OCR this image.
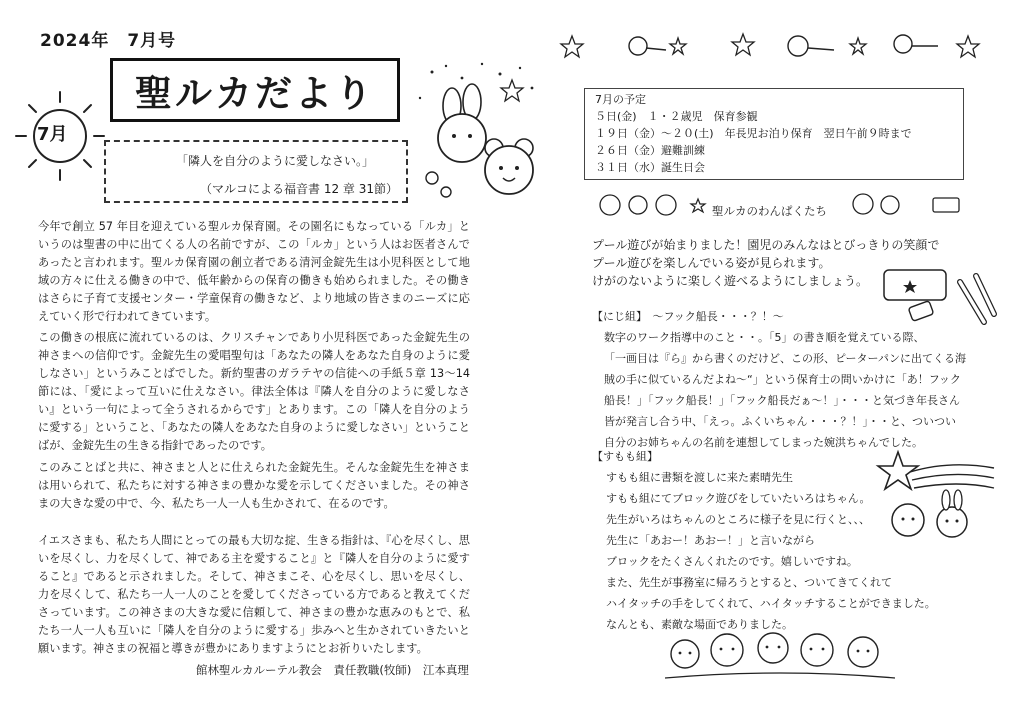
2024年　7月号
聖ルカだより
7月
「隣人を自分のように愛しなさい。」
（マルコによる福音書 12 章 31節）
今年で創立 57 年目を迎えている聖ルカ保育園。その園名にもなっている「ルカ」というのは聖書の中に出てくる人の名前ですが、この「ルカ」という人はお医者さんであったと言われます。聖ルカ保育園の創立者である清河金錠先生は小児科医として地域の方々に仕える働きの中で、低年齢からの保育の働きも始められました。その働きはさらに子育て支援センター・学童保育の働きなど、より地域の皆さまのニーズに応えていく形で行われてきています。
この働きの根底に流れているのは、クリスチャンであり小児科医であった金錠先生の神さまへの信仰です。金錠先生の愛唱聖句は「あなたの隣人をあなた自身のように愛しなさい」というみことばでした。新約聖書のガラテヤの信徒への手紙５章 13～14節には、「愛によって互いに仕えなさい。律法全体は『隣人を自分のように愛しなさい』という一句によって全うされるからです」とあります。この「隣人を自分のように愛する」ということ、「あなたの隣人をあなた自身のように愛しなさい」ということばが、金錠先生の生きる指針であったのです。
このみことばと共に、神さまと人とに仕えられた金錠先生。そんな金錠先生を神さまは用いられて、私たちに対する神さまの豊かな愛を示してくださいました。その神さまの大きな愛の中で、今、私たち一人一人も生かされて、在るのです。
イエスさまも、私たち人間にとっての最も大切な掟、生きる指針は、『心を尽くし、思いを尽くし、力を尽くして、神である主を愛すること』と『隣人を自分のように愛すること』であると示されました。そして、神さまこそ、心を尽くし、思いを尽くし、力を尽くして、私たち一人一人のことを愛してくださっている方であると教えてくださっています。この神さまの大きな愛に信頼して、神さまの豊かな恵みのもとで、私たち一人一人も互いに「隣人を自分のように愛する」歩みへと生かされていきたいと願います。神さまの祝福と導きが豊かにありますようにとお祈りいたします。
館林聖ルカルーテル教会　責任教職(牧師)　江本真理
7月の予定
５日(金)　１・２歳児　保育参観
１９日（金）～２０(土)　年長児お泊り保育　翌日午前９時まで
２６日（金）避難訓練
３１日（水）誕生日会
聖ルカのわんぱくたち
プール遊びが始まりました！園児のみんなはとびっきりの笑顔で
プール遊びを楽しんでいる姿が見られます。
けがのないように楽しく遊べるようにしましょう。
【にじ組】　～フック船長・・・？！～
数字のワーク指導中のこと・・。「5」の書き順を覚えている際、
「一画目は『ら』から書くのだけど、この形、ピーターパンに出てくる海
賊の手に似ているんだよね～“」という保育士の問いかけに「あ！フック
船長！」「フック船長！」「フック船長だぁ～！」・・・と気づき年長さん
皆が発言し合う中、「えっ。ふくいちゃん・・・？！」・・と、ついつい
自分のお姉ちゃんの名前を連想してしまった婉洪ちゃんでした。
【すもも組】
すもも組に書類を渡しに来た素晴先生
すもも組にてブロック遊びをしていたいろはちゃん。
先生がいろはちゃんのところに様子を見に行くと、、、
先生に「あおー！あおー！」と言いながら
ブロックをたくさんくれたのです。嬉しいですね。
また、先生が事務室に帰ろうとすると、ついてきてくれて
ハイタッチの手をしてくれて、ハイタッチすることができました。
なんとも、素敵な場面でありました。
